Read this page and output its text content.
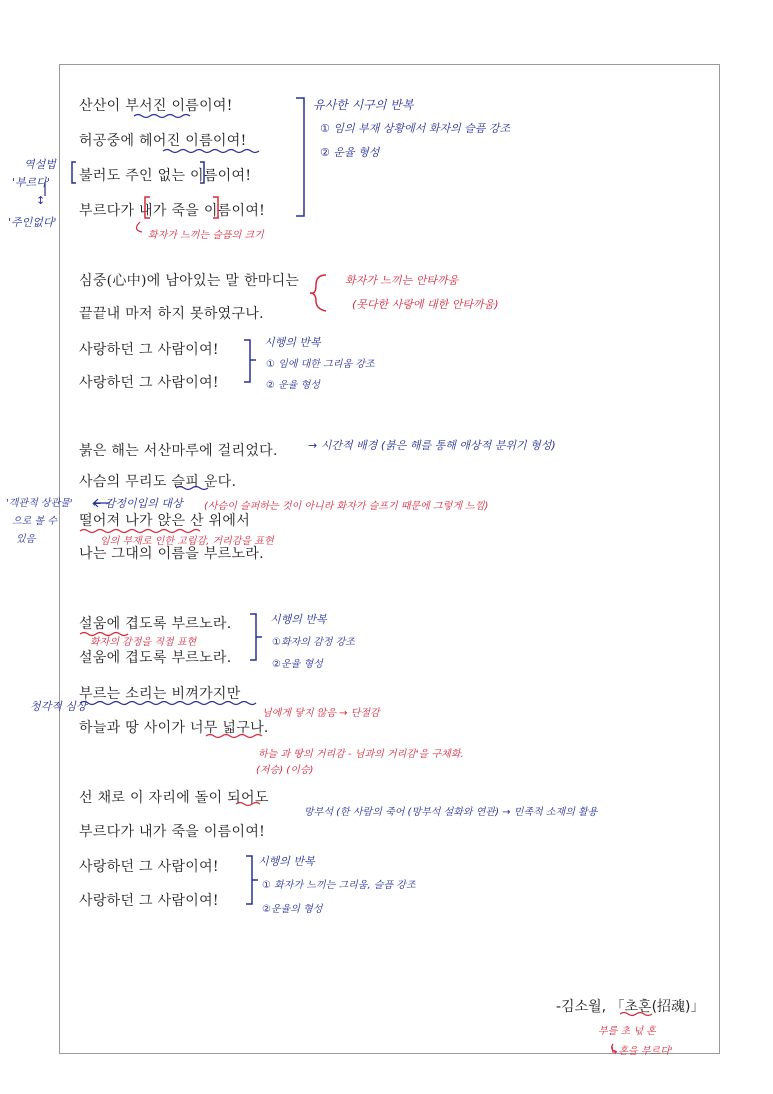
산산이 부서진 이름이여!
허공중에 헤어진 이름이여!
불러도 주인 없는 이름이여!
부르다가 내가 죽을 이름이여!
유사한 시구의 반복
① 임의 부재 상황에서 화자의 슬픔 강조
② 운율 형성
화자가 느끼는 슬픔의 크기
역설법
'부르다'
↕
'주인없다'
심중(心中)에 남아있는 말 한마디는
끝끝내 마저 하지 못하였구나.
사랑하던 그 사람이여!
사랑하던 그 사람이여!
화자가 느끼는 안타까움
(못다한 사랑에 대한 안타까움)
시행의 반복
① 임에 대한 그리움 강조
② 운율 형성
붉은 해는 서산마루에 걸리었다.
사슴의 무리도 슬피 운다.
떨어져 나가 앉은 산 위에서
나는 그대의 이름을 부르노라.
→ 시간적 배경 (붉은 해를 통해 애상적 분위기 형성)
'객관적 상관물'
으로 볼 수
있음
← 감정이입의 대상 (사슴이 슬퍼하는 것이 아니라 화자가 슬프기 때문에 그렇게 느낌)
임의 부재로 인한 고립감, 거리감을 표현
설움에 겹도록 부르노라.
설움에 겹도록 부르노라.
부르는 소리는 비껴가지만
하늘과 땅 사이가 너무 넓구나.
화자의 감정을 직접 표현
시행의 반복
①화자의 감정 강조
②운율 형성
청각적 심상
님에게 닿지 않음 → 단절감
하늘 과 땅의 거리감 - 님과의 거리감'을 구체화.
(저승) (이승)
선 채로 이 자리에 돌이 되어도
부르다가 내가 죽을 이름이여!
사랑하던 그 사람이여!
사랑하던 그 사람이여!
망부석 (한 사람의 죽어 (망부석 설화와 연관) → 민족적 소재의 활용
시행의 반복
① 화자가 느끼는 그리움, 슬픔 강조
②운율의 형성
-김소월, 「초혼(招魂)」
부를 초 넋 혼
↳혼을 부르다'
